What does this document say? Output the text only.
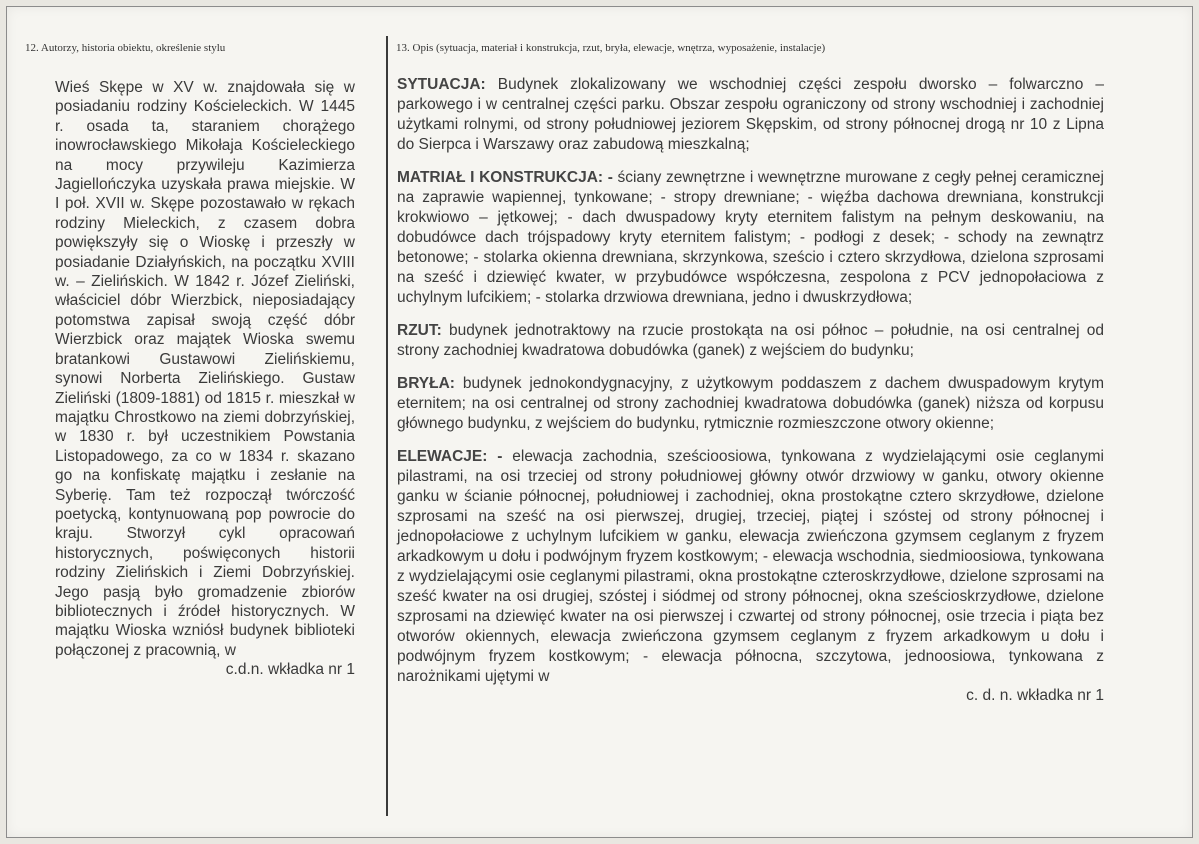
12. Autorzy, historia obiektu, określenie stylu	13. Opis (sytuacja, materiał i konstrukcja, rzut, bryła, elewacje, wnętrza, wyposażenie, instalacje)

Wieś Skępe w XV w. znajdowała się w posiadaniu rodziny Kościeleckich. W 1445 r. osada ta, staraniem chorążego inowrocławskiego Mikołaja Kościeleckiego na mocy przywileju Kazimierza Jagiellończyka uzyskała prawa miejskie. W I poł. XVII w. Skępe pozostawało w rękach rodziny Mieleckich, z czasem dobra powiększyły się o Wioskę i przeszły w posiadanie Działyńskich, na początku XVIII w. – Zielińskich. W 1842 r. Józef Zieliński, właściciel dóbr Wierzbick, nieposiadający potomstwa zapisał swoją część dóbr Wierzbick oraz majątek Wioska swemu bratankowi Gustawowi Zielińskiemu, synowi Norberta Zielińskiego. Gustaw Zieliński (1809-1881) od 1815 r. mieszkał w majątku Chrostkowo na ziemi dobrzyńskiej, w 1830 r. był uczestnikiem Powstania Listopadowego, za co w 1834 r. skazano go na konfiskatę majątku i zesłanie na Syberię. Tam też rozpoczął twórczość poetycką, kontynuowaną pop powrocie do kraju. Stworzył cykl opracowań historycznych, poświęconych historii rodziny Zielińskich i Ziemi Dobrzyńskiej. Jego pasją było gromadzenie zbiorów bibliotecznych i źródeł historycznych. W majątku Wioska wzniósł budynek biblioteki połączonej z pracownią, w

c.d.n. wkładka nr 1

SYTUACJA: Budynek zlokalizowany we wschodniej części zespołu dworsko – folwarczno – parkowego i w centralnej części parku. Obszar zespołu ograniczony od strony wschodniej i zachodniej użytkami rolnymi, od strony południowej jeziorem Skępskim, od strony północnej drogą nr 10 z Lipna do Sierpca i Warszawy oraz zabudową mieszkalną;

MATRIAŁ I KONSTRUKCJA: - ściany zewnętrzne i wewnętrzne murowane z cegły pełnej ceramicznej na zaprawie wapiennej, tynkowane; - stropy drewniane; - więźba dachowa drewniana, konstrukcji krokwiowo – jętkowej; - dach dwuspadowy kryty eternitem falistym na pełnym deskowaniu, na dobudówce dach trójspadowy kryty eternitem falistym; - podłogi z desek; - schody na zewnątrz betonowe; - stolarka okienna drewniana, skrzynkowa, sześcio i cztero skrzydłowa, dzielona szprosami na sześć i dziewięć kwater, w przybudówce współczesna, zespolona z PCV jednopołaciowa z uchylnym lufcikiem; - stolarka drzwiowa drewniana, jedno i dwuskrzydłowa;

RZUT: budynek jednotraktowy na rzucie prostokąta na osi północ – południe, na osi centralnej od strony zachodniej kwadratowa dobudówka (ganek) z wejściem do budynku;

BRYŁA: budynek jednokondygnacyjny, z użytkowym poddaszem z dachem dwuspadowym krytym eternitem; na osi centralnej od strony zachodniej kwadratowa dobudówka (ganek) niższa od korpusu głównego budynku, z wejściem do budynku, rytmicznie rozmieszczone otwory okienne;

ELEWACJE: - elewacja zachodnia, sześcioosiowa, tynkowana z wydzielającymi osie ceglanymi pilastrami, na osi trzeciej od strony południowej główny otwór drzwiowy w ganku, otwory okienne ganku w ścianie północnej, południowej i zachodniej, okna prostokątne cztero skrzydłowe, dzielone szprosami na sześć na osi pierwszej, drugiej, trzeciej, piątej i szóstej od strony północnej i jednopołaciowe z uchylnym lufcikiem w ganku, elewacja zwieńczona gzymsem ceglanym z fryzem arkadkowym u dołu i podwójnym fryzem kostkowym; - elewacja wschodnia, siedmioosiowa, tynkowana z wydzielającymi osie ceglanymi pilastrami, okna prostokątne czteroskrzydłowe, dzielone szprosami na sześć kwater na osi drugiej, szóstej i siódmej od strony północnej, okna sześcioskrzydłowe, dzielone szprosami na dziewięć kwater na osi pierwszej i czwartej od strony północnej, osie trzecia i piąta bez otworów okiennych, elewacja zwieńczona gzymsem ceglanym z fryzem arkadkowym u dołu i podwójnym fryzem kostkowym; - elewacja północna, szczytowa, jednoosiowa, tynkowana z narożnikami ujętymi w

c. d. n. wkładka nr 1
